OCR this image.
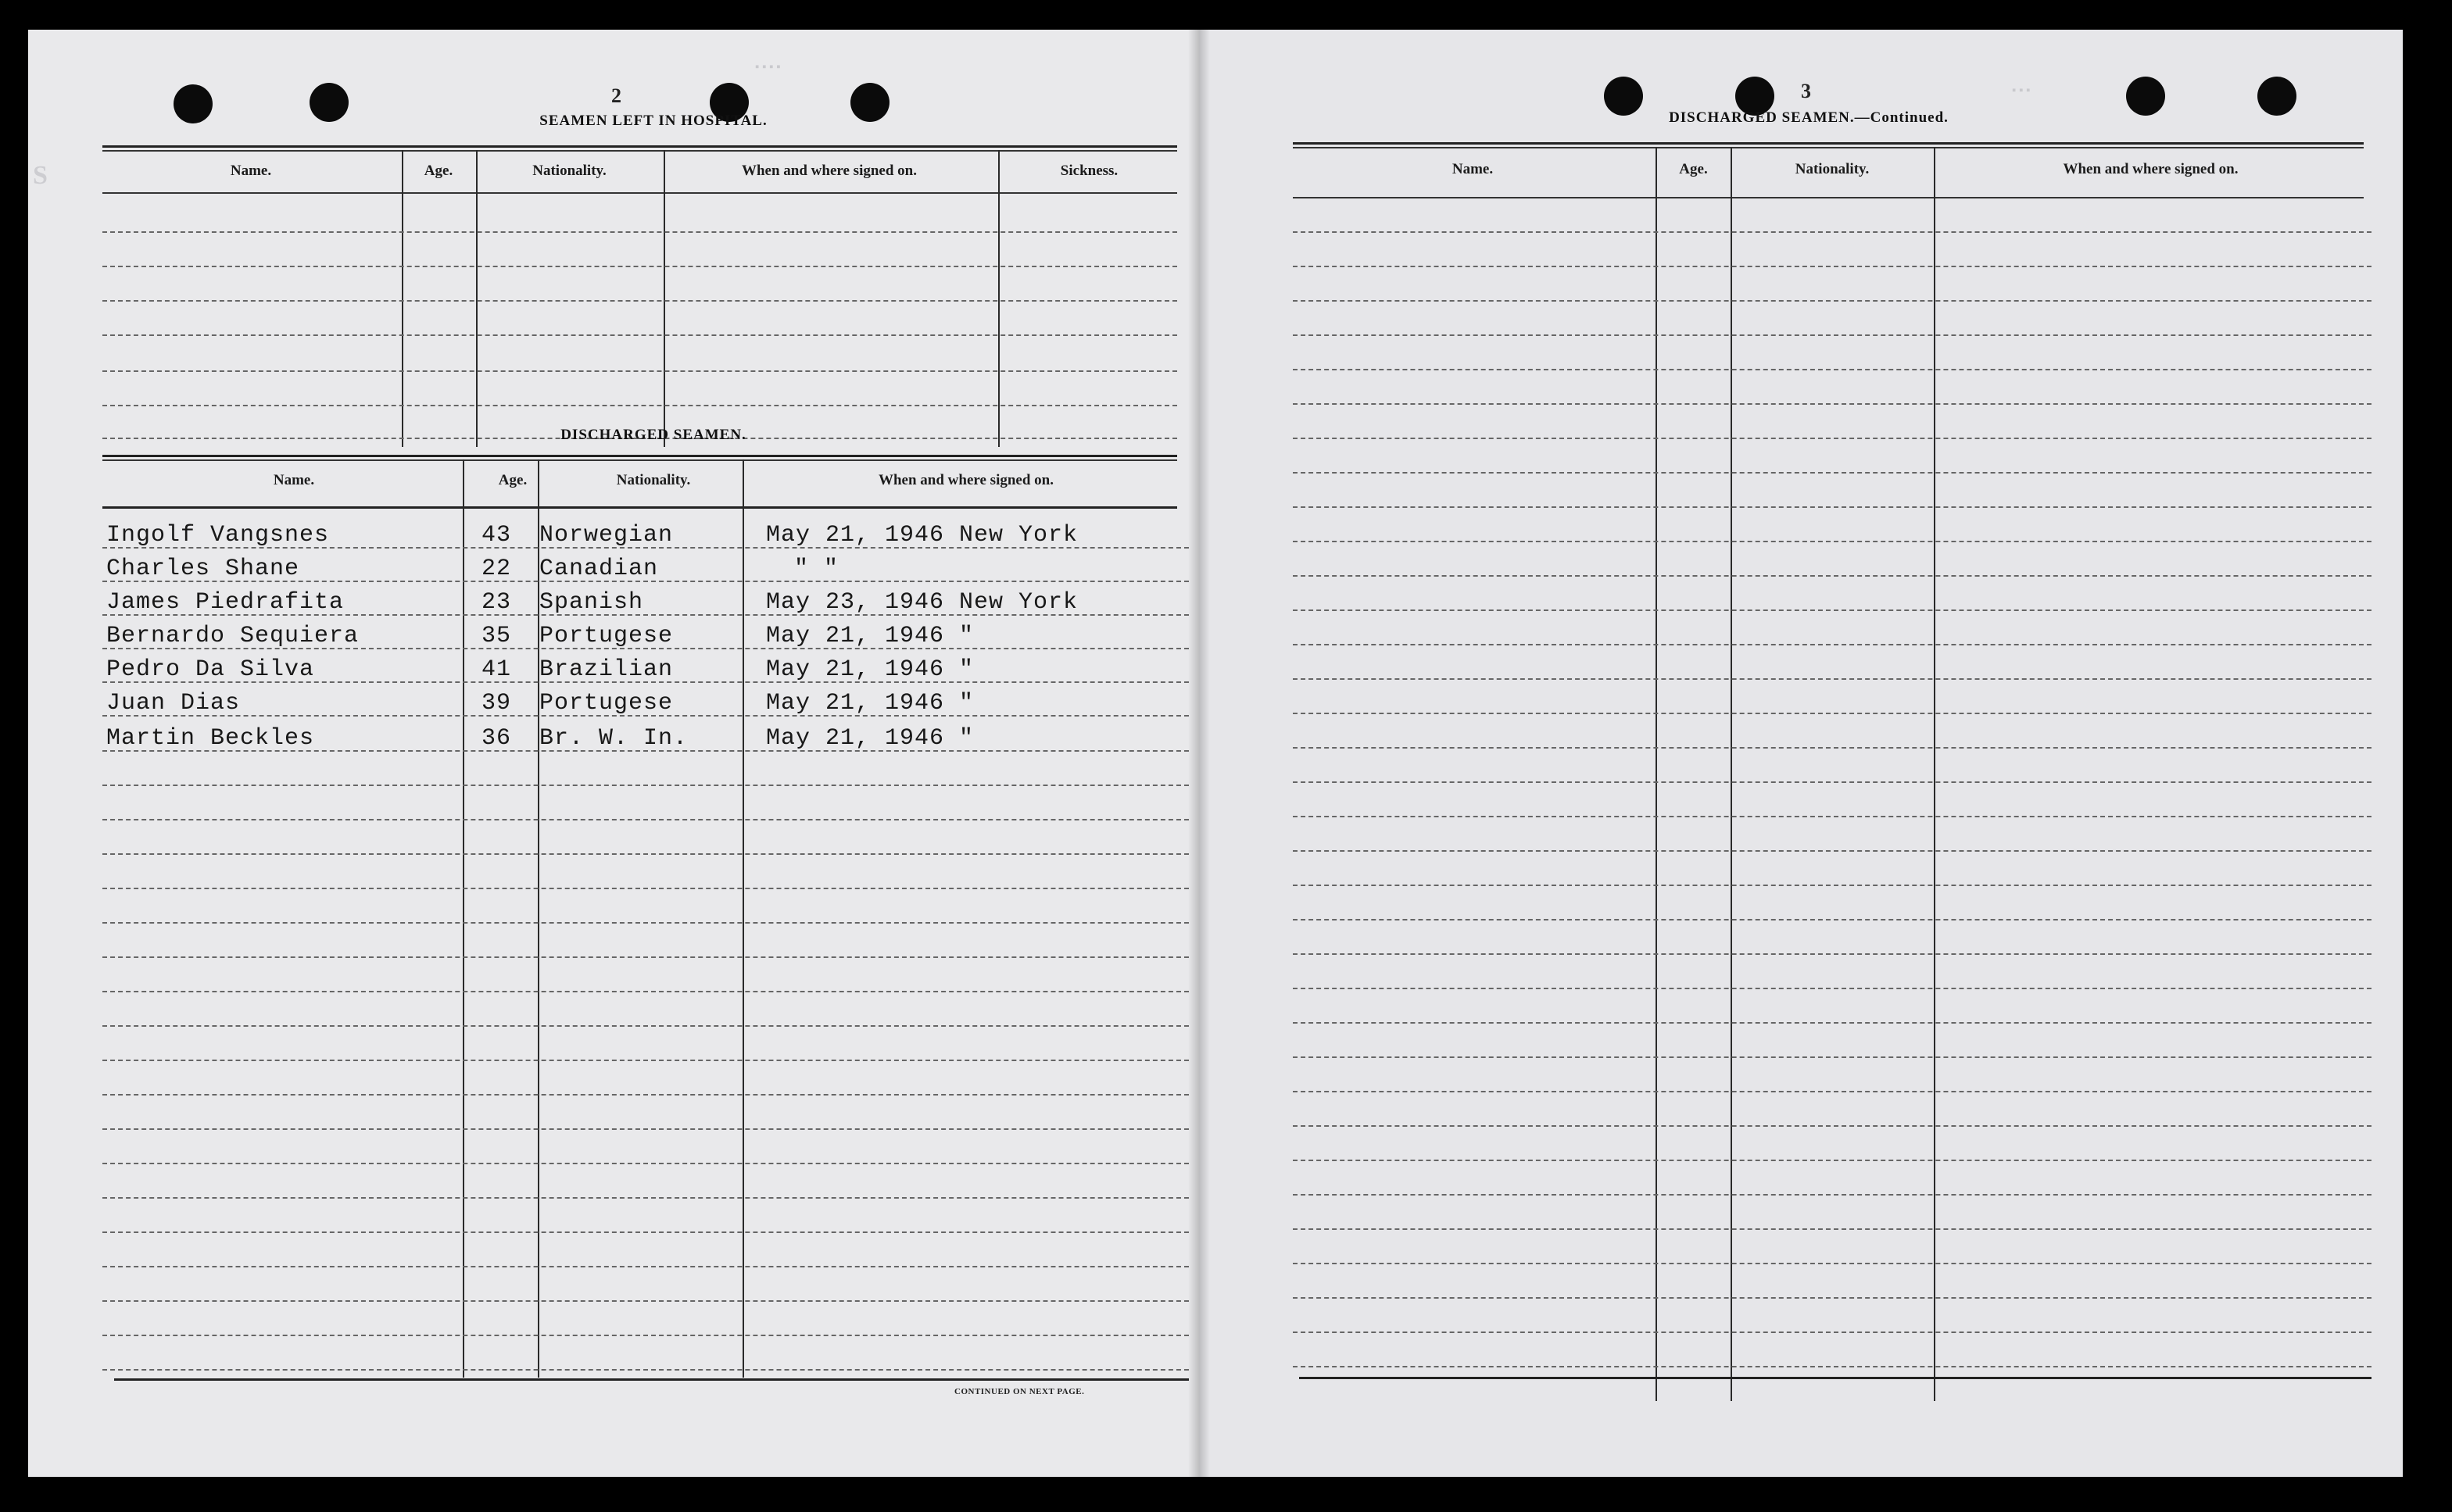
S
▪ ▪ ▪ ▪
2
SEAMEN LEFT IN HOSPITAL.
Name.	Age.	Nationality.	When and where signed on.	Sickness.
DISCHARGED SEAMEN.
Name.	Age.	Nationality.	When and where signed on.
Ingolf Vangsnes	43 Norwegian	May 21, 1946 New York
Charles Shane	22 Canadian	" "
James Piedrafita	23 Spanish	May 23, 1946 New York
Bernardo Sequiera	35 Portugese	May 21, 1946 "
Pedro Da Silva	41 Brazilian	May 21, 1946 "
Juan Dias	39 Portugese	May 21, 1946 "
Martin Beckles	36 Br. W. In.	May 21, 1946 "
CONTINUED ON NEXT PAGE.
▪ ▪ ▪
3
DISCHARGED SEAMEN.—Continued.
Name.	Age.	Nationality.	When and where signed on.
